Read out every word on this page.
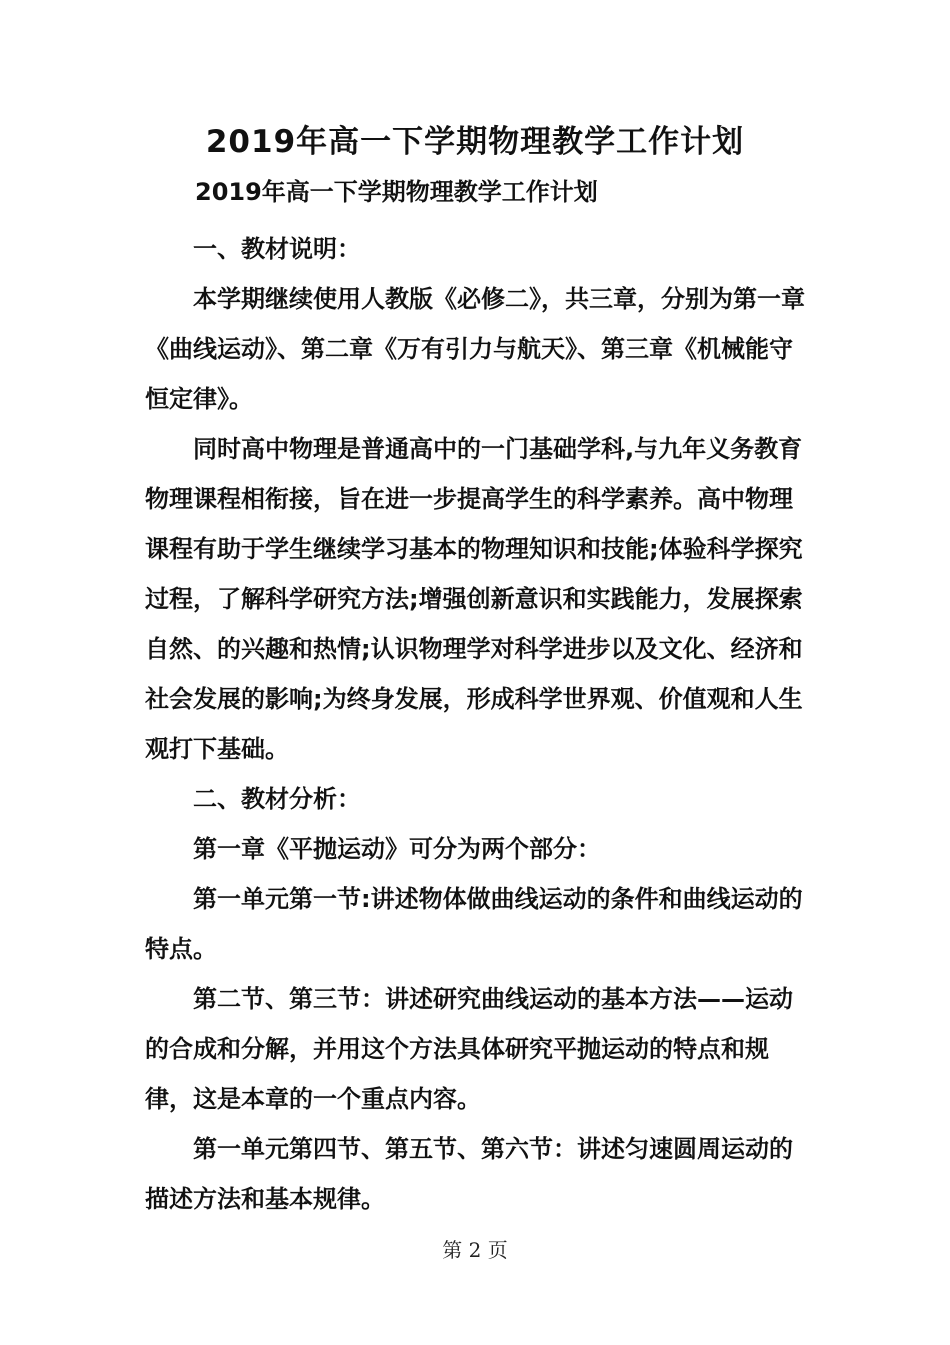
2019年高一下学期物理教学工作计划
2019年高一下学期物理教学工作计划

一、教材说明：

本学期继续使用人教版《必修二》，共三章，分别为第一章《曲线运动》、第二章《万有引力与航天》、第三章《机械能守恒定律》。

同时高中物理是普通高中的一门基础学科,与九年义务教育物理课程相衔接，旨在进一步提高学生的科学素养。高中物理课程有助于学生继续学习基本的物理知识和技能;体验科学探究过程，了解科学研究方法;增强创新意识和实践能力，发展探索自然、的兴趣和热情;认识物理学对科学进步以及文化、经济和社会发展的影响;为终身发展，形成科学世界观、价值观和人生观打下基础。

二、教材分析：

第一章《平抛运动》可分为两个部分：

第一单元第一节:讲述物体做曲线运动的条件和曲线运动的特点。

第二节、第三节：讲述研究曲线运动的基本方法——运动的合成和分解，并用这个方法具体研究平抛运动的特点和规律，这是本章的一个重点内容。

第一单元第四节、第五节、第六节：讲述匀速圆周运动的描述方法和基本规律。

第 2 页
